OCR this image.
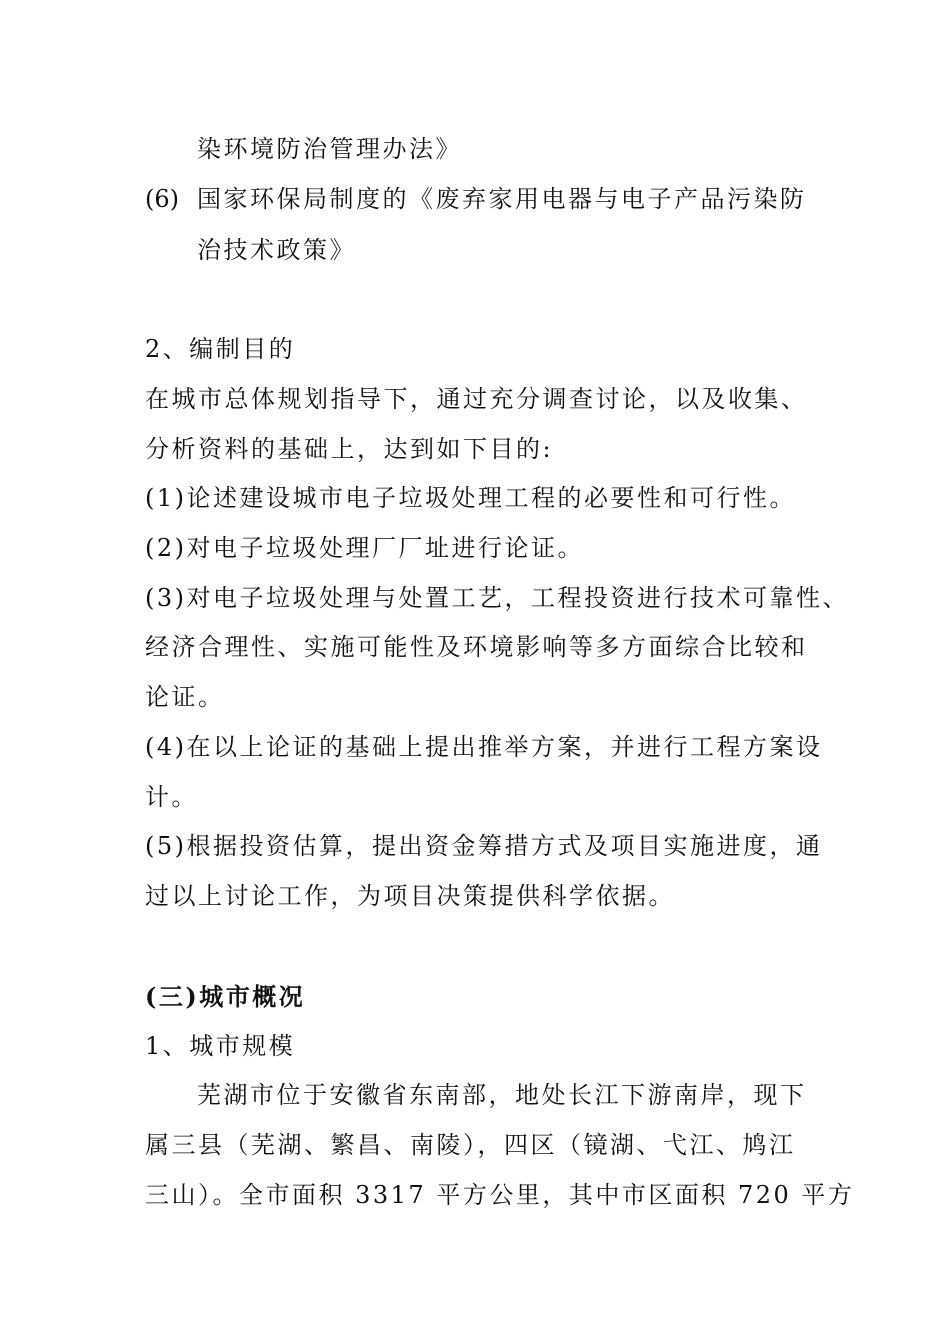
染环境防治管理办法》
(6) 国家环保局制度的《废弃家用电器与电子产品污染防
治技术政策》
2、编制目的
在城市总体规划指导下，通过充分调查讨论，以及收集、
分析资料的基础上，达到如下目的:
(1)论述建设城市电子垃圾处理工程的必要性和可行性。
(2)对电子垃圾处理厂厂址进行论证。
(3)对电子垃圾处理与处置工艺，工程投资进行技术可靠性、
经济合理性、实施可能性及环境影响等多方面综合比较和
论证。
(4)在以上论证的基础上提出推举方案，并进行工程方案设
计。
(5)根据投资估算，提出资金筹措方式及项目实施进度，通
过以上讨论工作，为项目决策提供科学依据。
(三)城市概况
1、城市规模
芜湖市位于安徽省东南部，地处长江下游南岸，现下
属三县（芜湖、繁昌、南陵），四区（镜湖、弋江、鸠江
三山）。全市面积 3317 平方公里，其中市区面积 720 平方
